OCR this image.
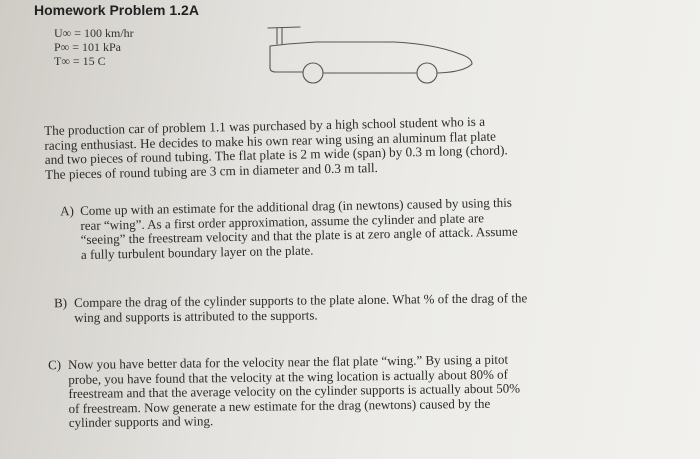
Homework Problem 1.2A
U∞ = 100 km/hr
P∞ = 101 kPa
T∞ = 15 C

The production car of problem 1.1 was purchased by a high school student who is a racing enthusiast. He decides to make his own rear wing using an aluminum flat plate and two pieces of round tubing. The flat plate is 2 m wide (span) by 0.3 m long (chord). The pieces of round tubing are 3 cm in diameter and 0.3 m tall.

A) Come up with an estimate for the additional drag (in newtons) caused by using this rear “wing”. As a first order approximation, assume the cylinder and plate are “seeing” the freestream velocity and that the plate is at zero angle of attack. Assume a fully turbulent boundary layer on the plate.
B) Compare the drag of the cylinder supports to the plate alone. What % of the drag of the wing and supports is attributed to the supports.
C) Now you have better data for the velocity near the flat plate “wing.” By using a pitot probe, you have found that the velocity at the wing location is actually about 80% of freestream and that the average velocity on the cylinder supports is actually about 50% of freestream. Now generate a new estimate for the drag (newtons) caused by the cylinder supports and wing.
